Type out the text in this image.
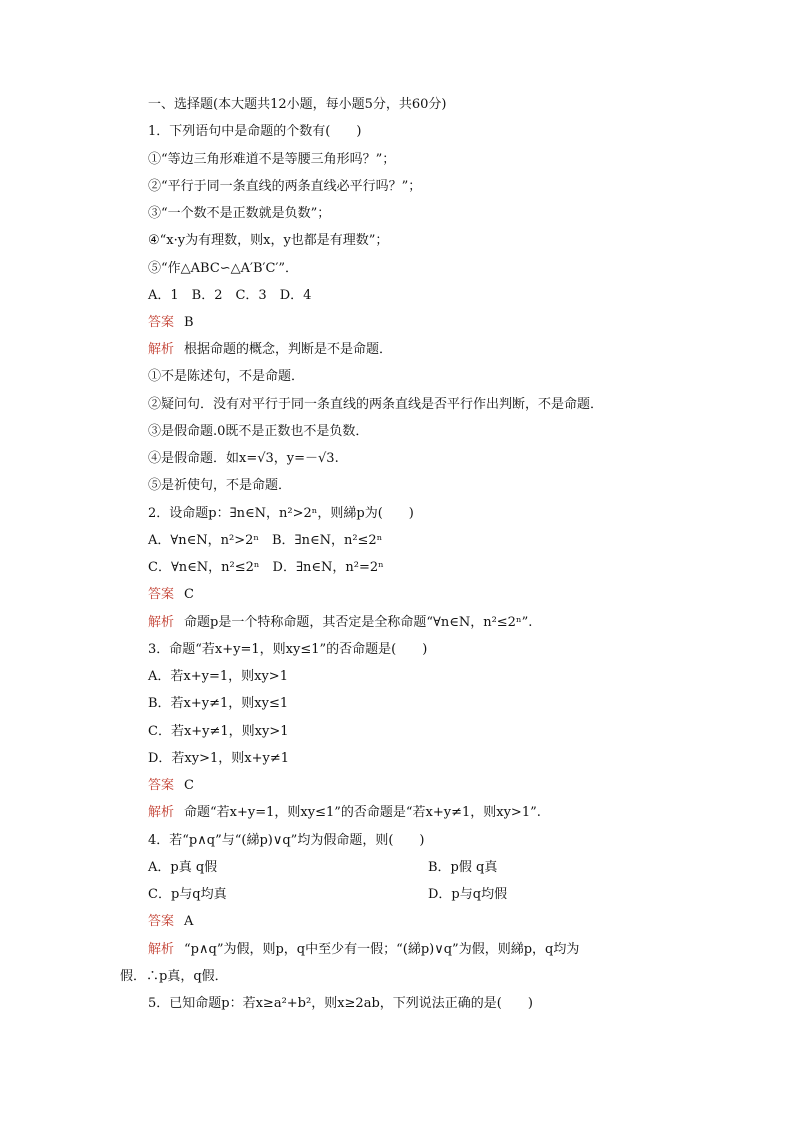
一、选择题(本大题共12小题，每小题5分，共60分)
1．下列语句中是命题的个数有(　　)
①“等边三角形难道不是等腰三角形吗？”；
②“平行于同一条直线的两条直线必平行吗？”；
③“一个数不是正数就是负数”；
④“x·y为有理数，则x，y也都是有理数”；
⑤“作△ABC∽△A′B′C′”．
A．1　B．2　C．3　D．4
答案 B
解析 根据命题的概念，判断是不是命题．
①不是陈述句，不是命题．
②疑问句．没有对平行于同一条直线的两条直线是否平行作出判断，不是命题．
③是假命题.0既不是正数也不是负数．
④是假命题．如x=√3，y=－√3.
⑤是祈使句，不是命题．
2．设命题p：∃n∈N，n²>2ⁿ，则綈p为(　　)
A．∀n∈N，n²>2ⁿ　B．∃n∈N，n²≤2ⁿ
C．∀n∈N，n²≤2ⁿ　D．∃n∈N，n²=2ⁿ
答案 C
解析 命题p是一个特称命题，其否定是全称命题“∀n∈N，n²≤2ⁿ”.
3．命题“若x+y=1，则xy≤1”的否命题是(　　)
A．若x+y=1，则xy>1
B．若x+y≠1，则xy≤1
C．若x+y≠1，则xy>1
D．若xy>1，则x+y≠1
答案 C
解析 命题“若x+y=1，则xy≤1”的否命题是“若x+y≠1，则xy>1”.
4．若“p∧q”与“(綈p)∨q”均为假命题，则(　　)
A．p真 q假	B．p假 q真
C．p与q均真	D．p与q均假
答案 A
解析 “p∧q”为假，则p，q中至少有一假；“(綈p)∨q”为假，则綈p，q均为
假．∴p真，q假．
5．已知命题p：若x≥a²+b²，则x≥2ab，下列说法正确的是(　　)
